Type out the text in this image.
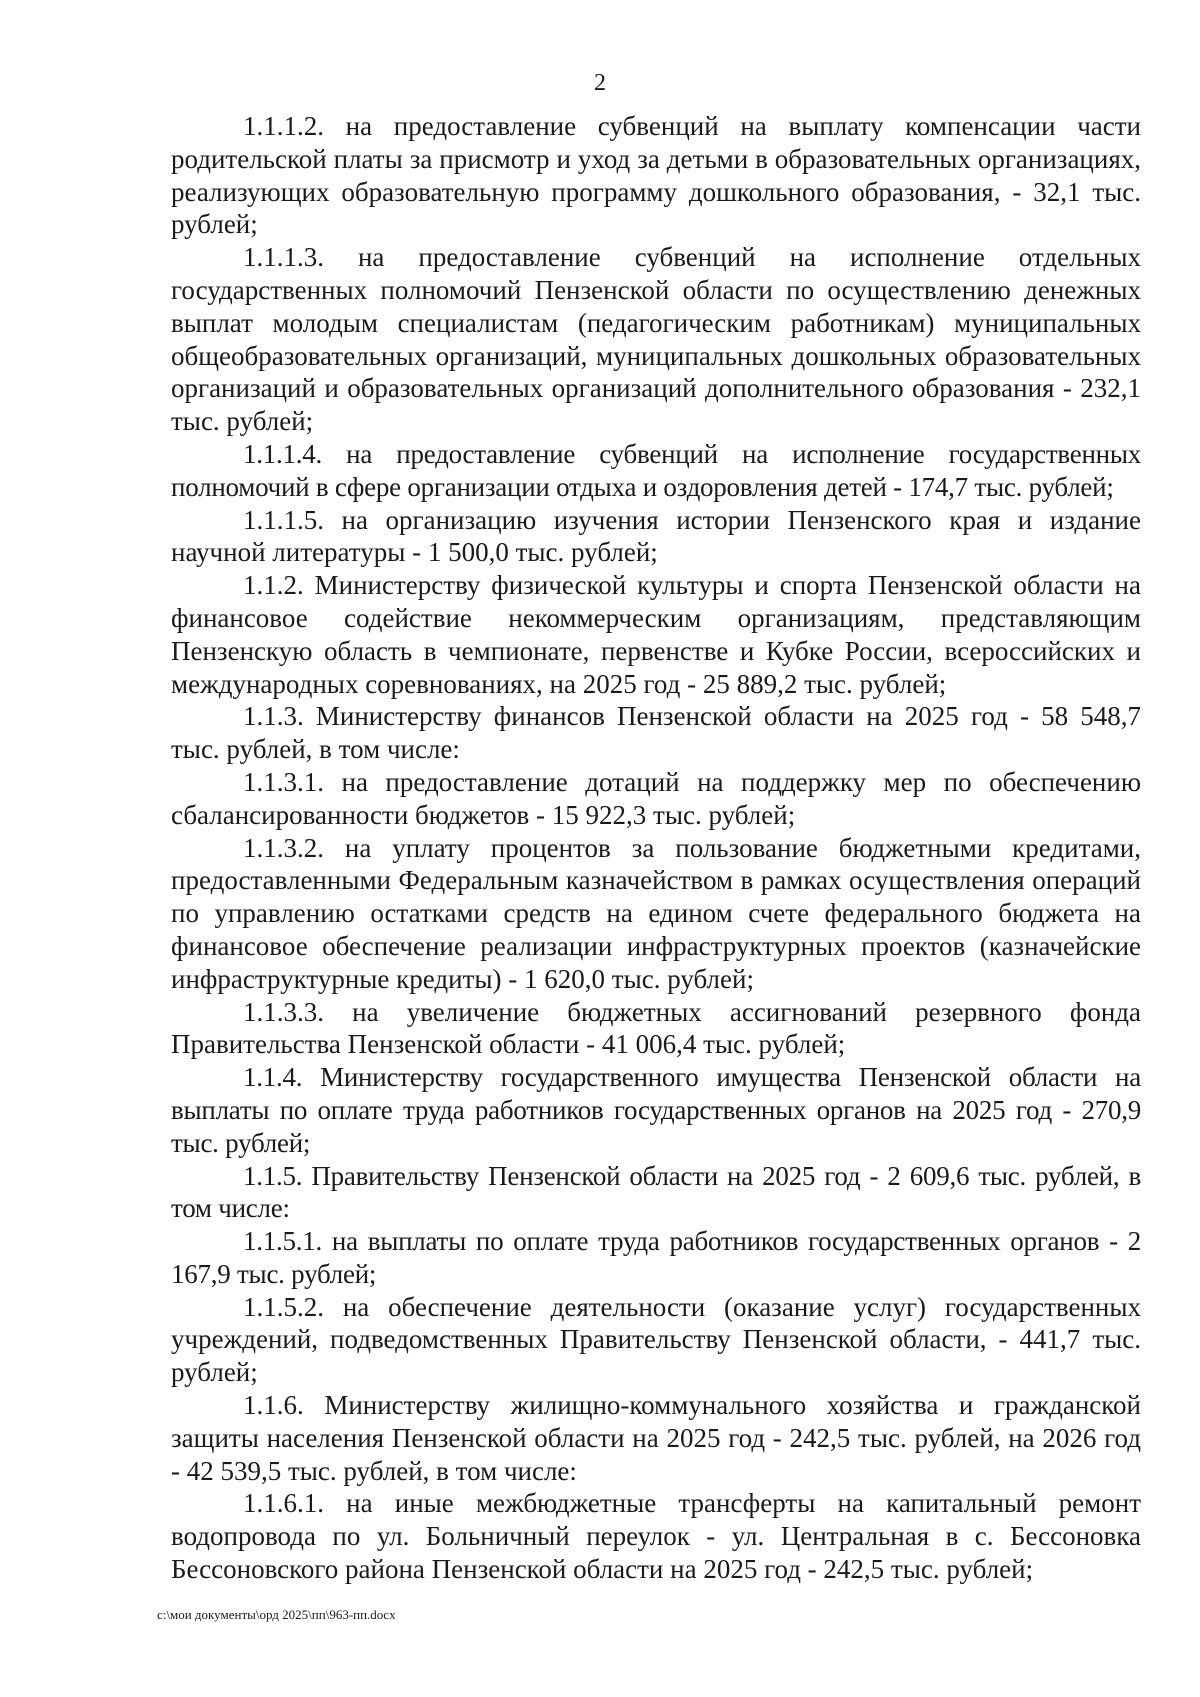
2

1.1.1.2. на предоставление субвенций на выплату компенсации части родительской платы за присмотр и уход за детьми в образовательных организациях, реализующих образовательную программу дошкольного образования, - 32,1 тыс. рублей;

1.1.1.3. на предоставление субвенций на исполнение отдельных государственных полномочий Пензенской области по осуществлению денежных выплат молодым специалистам (педагогическим работникам) муниципальных общеобразовательных организаций, муниципальных дошкольных образовательных организаций и образовательных организаций дополнительного образования - 232,1 тыс. рублей;

1.1.1.4. на предоставление субвенций на исполнение государственных полномочий в сфере организации отдыха и оздоровления детей - 174,7 тыс. рублей;

1.1.1.5. на организацию изучения истории Пензенского края и издание научной литературы - 1 500,0 тыс. рублей;

1.1.2. Министерству физической культуры и спорта Пензенской области на финансовое содействие некоммерческим организациям, представляющим Пензенскую область в чемпионате, первенстве и Кубке России, всероссийских и международных соревнованиях, на 2025 год - 25 889,2 тыс. рублей;

1.1.3. Министерству финансов Пензенской области на 2025 год - 58 548,7 тыс. рублей, в том числе:

1.1.3.1. на предоставление дотаций на поддержку мер по обеспечению сбалансированности бюджетов - 15 922,3 тыс. рублей;

1.1.3.2. на уплату процентов за пользование бюджетными кредитами, предоставленными Федеральным казначейством в рамках осуществления операций по управлению остатками средств на едином счете федерального бюджета на финансовое обеспечение реализации инфраструктурных проектов (казначейские инфраструктурные кредиты) - 1 620,0 тыс. рублей;

1.1.3.3. на увеличение бюджетных ассигнований резервного фонда Правительства Пензенской области - 41 006,4 тыс. рублей;

1.1.4. Министерству государственного имущества Пензенской области на выплаты по оплате труда работников государственных органов на 2025 год - 270,9 тыс. рублей;

1.1.5. Правительству Пензенской области на 2025 год - 2 609,6 тыс. рублей, в том числе:

1.1.5.1. на выплаты по оплате труда работников государственных органов - 2 167,9 тыс. рублей;

1.1.5.2. на обеспечение деятельности (оказание услуг) государственных учреждений, подведомственных Правительству Пензенской области, - 441,7 тыс. рублей;

1.1.6. Министерству жилищно-коммунального хозяйства и гражданской защиты населения Пензенской области на 2025 год - 242,5 тыс. рублей, на 2026 год - 42 539,5 тыс. рублей, в том числе:

1.1.6.1. на иные межбюджетные трансферты на капитальный ремонт водопровода по ул. Больничный переулок - ул. Центральная в с. Бессоновка Бессоновского района Пензенской области на 2025 год - 242,5 тыс. рублей;

c:\мои документы\орд 2025\пп\963-пп.docx
